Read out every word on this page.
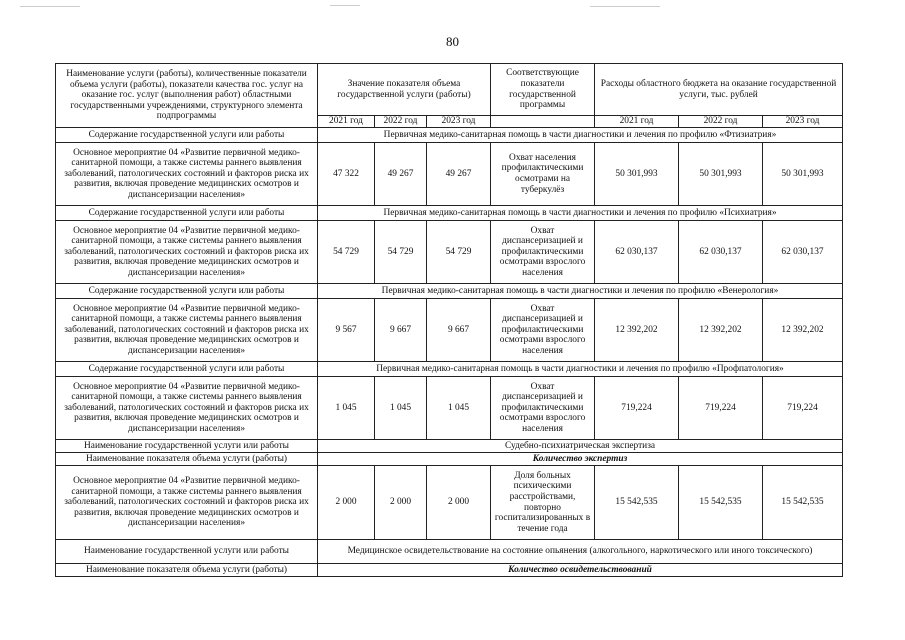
80
Наименование услуги (работы), количественные показатели объема услуги (работы), показатели качества гос. услуг на оказание гос. услуг (выполнения работ) областными государственными учреждениями, структурного элемента подпрограммы	Значение показателя объема государственной услуги (работы)			Соответствующие показатели государственной программы	Расходы областного бюджета на оказание государственной услуги, тыс. рублей		
	2021 год	2022 год	2023 год		2021 год	2022 год	2023 год
Содержание государственной услуги или работы	Первичная медико-санитарная помощь в части диагностики и лечения по профилю «Фтизиатрия»						
Основное мероприятие 04 «Развитие первичной медико-санитарной помощи, а также системы раннего выявления заболеваний, патологических состояний и факторов риска их развития, включая проведение медицинских осмотров и диспансеризации населения»	47 322	49 267	49 267	Охват населения профилактическими осмотрами на туберкулёз	50 301,993	50 301,993	50 301,993
Содержание государственной услуги или работы	Первичная медико-санитарная помощь в части диагностики и лечения по профилю «Психиатрия»						
Основное мероприятие 04 «Развитие первичной медико-санитарной помощи, а также системы раннего выявления заболеваний, патологических состояний и факторов риска их развития, включая проведение медицинских осмотров и диспансеризации населения»	54 729	54 729	54 729	Охват диспансеризацией и профилактическими осмотрами взрослого населения	62 030,137	62 030,137	62 030,137
Содержание государственной услуги или работы	Первичная медико-санитарная помощь в части диагностики и лечения по профилю «Венерология»						
Основное мероприятие 04 «Развитие первичной медико-санитарной помощи, а также системы раннего выявления заболеваний, патологических состояний и факторов риска их развития, включая проведение медицинских осмотров и диспансеризации населения»	9 567	9 667	9 667	Охват диспансеризацией и профилактическими осмотрами взрослого населения	12 392,202	12 392,202	12 392,202
Содержание государственной услуги или работы	Первичная медико-санитарная помощь в части диагностики и лечения по профилю «Профпатология»						
Основное мероприятие 04 «Развитие первичной медико-санитарной помощи, а также системы раннего выявления заболеваний, патологических состояний и факторов риска их развития, включая проведение медицинских осмотров и диспансеризации населения»	1 045	1 045	1 045	Охват диспансеризацией и профилактическими осмотрами взрослого населения	719,224	719,224	719,224
Наименование государственной услуги или работы	Судебно-психиатрическая экспертиза						
Наименование показателя объема услуги (работы)	Количество экспертиз						
Основное мероприятие 04 «Развитие первичной медико-санитарной помощи, а также системы раннего выявления заболеваний, патологических состояний и факторов риска их развития, включая проведение медицинских осмотров и диспансеризации населения»	2 000	2 000	2 000	Доля больных психическими расстройствами, повторно госпитализированных в течение года	15 542,535	15 542,535	15 542,535
Наименование государственной услуги или работы	Медицинское освидетельствование на состояние опьянения (алкогольного, наркотического или иного токсического)						
Наименование показателя объема услуги (работы)	Количество освидетельствований						
